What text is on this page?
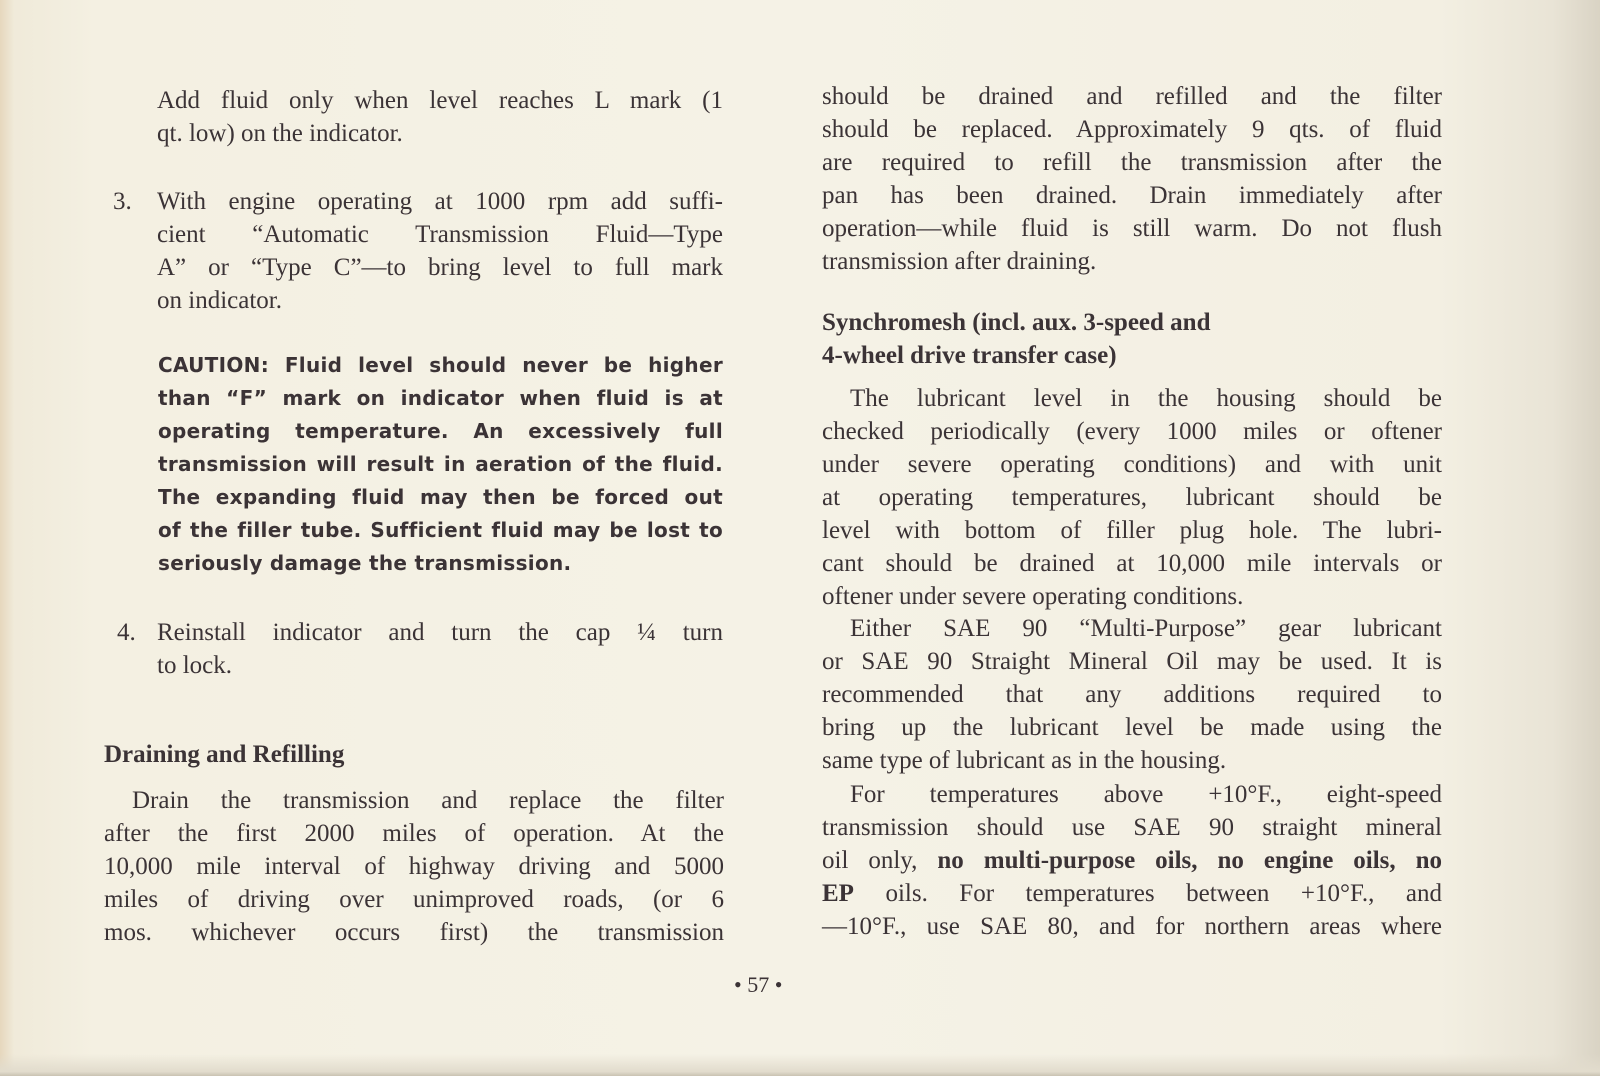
Add fluid only when level reaches L mark (1
qt. low) on the indicator.
3. With engine operating at 1000 rpm add suffi-
cient “Automatic Transmission Fluid—Type
A” or “Type C”—to bring level to full mark
on indicator.
CAUTION: Fluid level should never be higher
than “F” mark on indicator when fluid is at
operating temperature. An excessively full
transmission will result in aeration of the fluid.
The expanding fluid may then be forced out
of the filler tube. Sufficient fluid may be lost to
seriously damage the transmission.
4. Reinstall indicator and turn the cap ¼ turn
to lock.
Draining and Refilling
Drain the transmission and replace the filter
after the first 2000 miles of operation. At the
10,000 mile interval of highway driving and 5000
miles of driving over unimproved roads, (or 6
mos. whichever occurs first) the transmission
should be drained and refilled and the filter
should be replaced. Approximately 9 qts. of fluid
are required to refill the transmission after the
pan has been drained. Drain immediately after
operation—while fluid is still warm. Do not flush
transmission after draining.
Synchromesh (incl. aux. 3-speed and
4-wheel drive transfer case)
The lubricant level in the housing should be
checked periodically (every 1000 miles or oftener
under severe operating conditions) and with unit
at operating temperatures, lubricant should be
level with bottom of filler plug hole. The lubri-
cant should be drained at 10,000 mile intervals or
oftener under severe operating conditions.
Either SAE 90 “Multi-Purpose” gear lubricant
or SAE 90 Straight Mineral Oil may be used. It is
recommended that any additions required to
bring up the lubricant level be made using the
same type of lubricant as in the housing.
For temperatures above +10°F., eight-speed
transmission should use SAE 90 straight mineral
oil only, no multi-purpose oils, no engine oils, no
EP oils. For temperatures between +10°F., and
—10°F., use SAE 80, and for northern areas where
• 57 •
